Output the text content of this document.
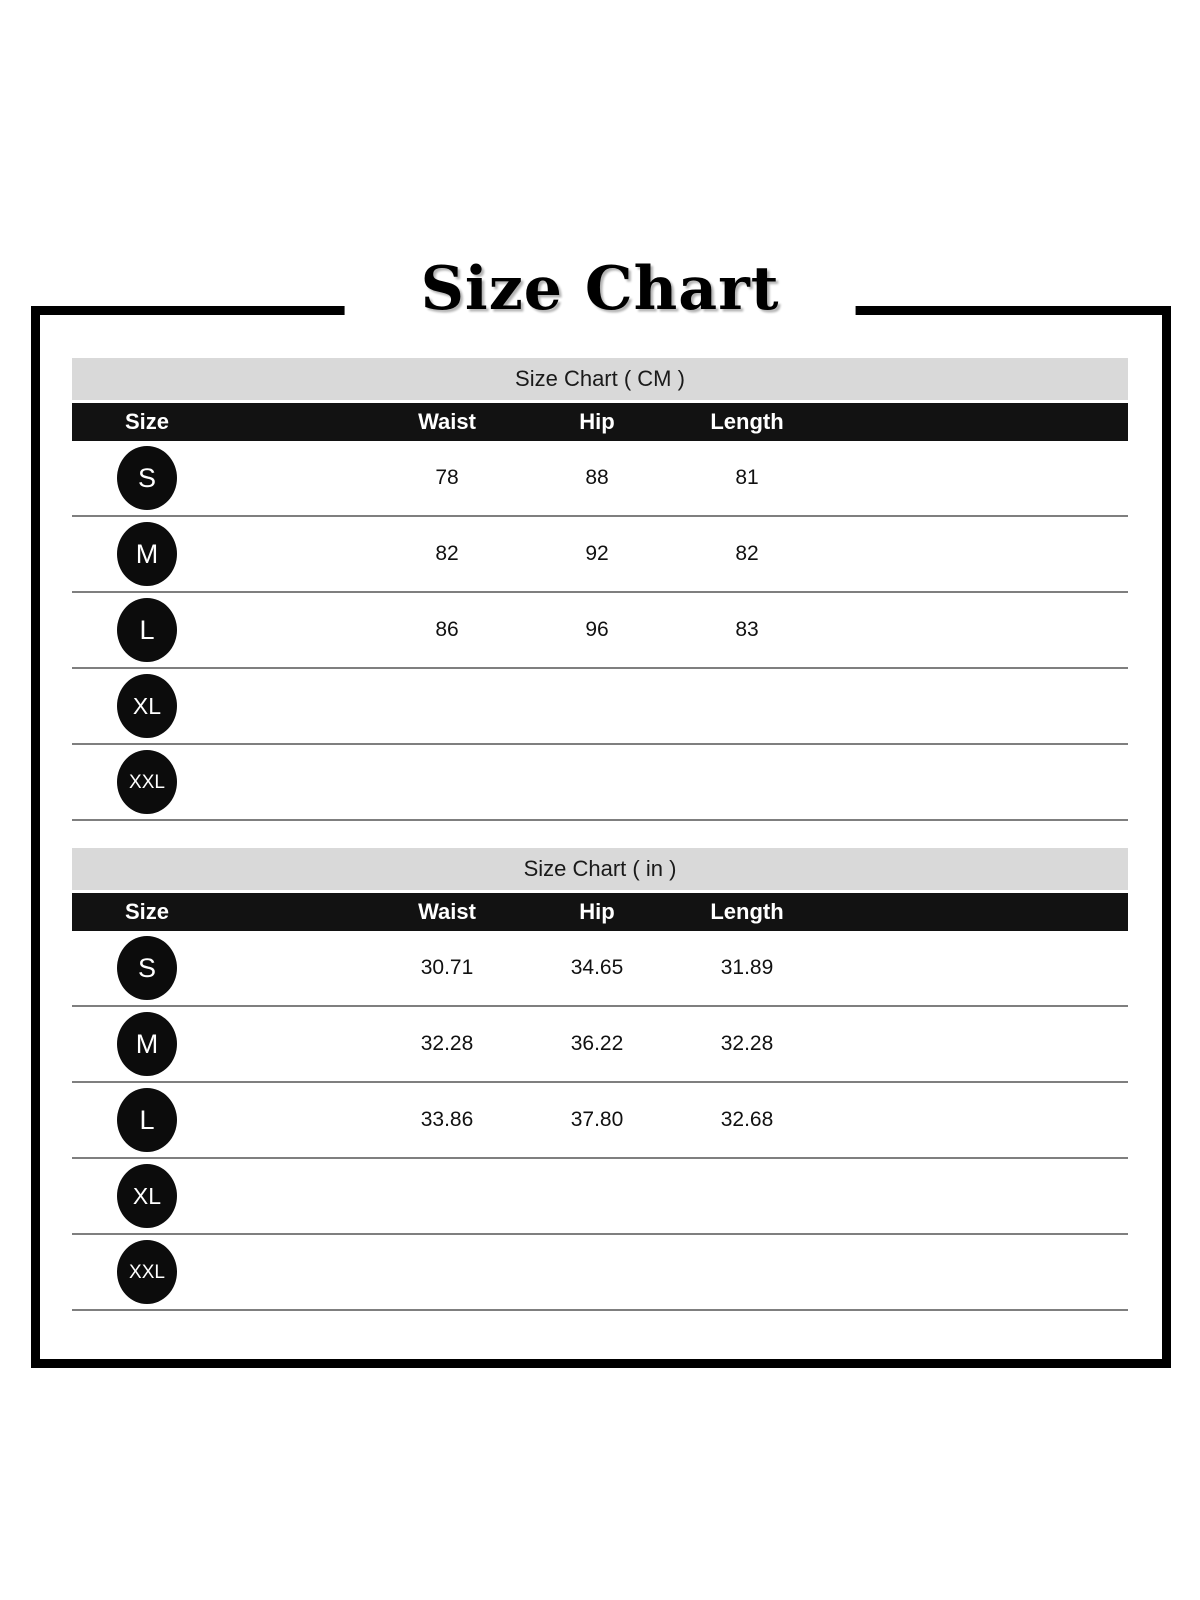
Size Chart
Size Chart ( CM )
Size	Waist	Hip	Length
S	78	88	81
M	82	92	82
L	86	96	83
XL
XXL
Size Chart ( in )
Size	Waist	Hip	Length
S	30.71	34.65	31.89
M	32.28	36.22	32.28
L	33.86	37.80	32.68
XL
XXL
